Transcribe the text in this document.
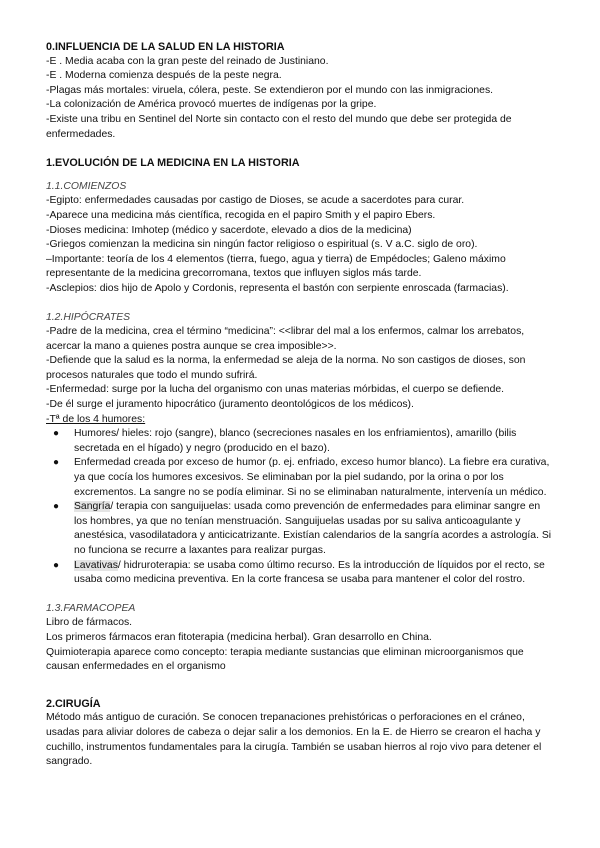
0.INFLUENCIA DE LA SALUD EN LA HISTORIA

-E . Media acaba con la gran peste del reinado de Justiniano.

-E . Moderna comienza después de la peste negra.

-Plagas más mortales: viruela, cólera, peste. Se extendieron por el mundo con las inmigraciones.

-La colonización de América provocó muertes de indígenas por la gripe.

-Existe una tribu en Sentinel del Norte sin contacto con el resto del mundo que debe ser protegida de enfermedades.

1.EVOLUCIÓN DE LA MEDICINA EN LA HISTORIA

1.1.COMIENZOS

-Egipto: enfermedades causadas por castigo de Dioses, se acude a sacerdotes para curar.

-Aparece una medicina más científica, recogida en el papiro Smith y el papiro Ebers.

-Dioses medicina: Imhotep (médico y sacerdote, elevado a dios de la medicina)

-Griegos comienzan la medicina sin ningún factor religioso o espiritual (s. V a.C. siglo de oro).

–Importante: teoría de los 4 elementos (tierra, fuego, agua y tierra) de Empédocles; Galeno máximo representante de la medicina grecorromana, textos que influyen siglos más tarde.

-Asclepios: dios hijo de Apolo y Cordonis, representa el bastón con serpiente enroscada (farmacias).

1.2.HIPÓCRATES

-Padre de la medicina, crea el término “medicina”: <<librar del mal a los enfermos, calmar los arrebatos, acercar la mano a quienes postra aunque se crea imposible>>.

-Defiende que la salud es la norma, la enfermedad se aleja de la norma. No son castigos de dioses, son procesos naturales que todo el mundo sufrirá.

-Enfermedad: surge por la lucha del organismo con unas materias mórbidas, el cuerpo se defiende.

-De él surge el juramento hipocrático (juramento deontológicos de los médicos).

-Tª de los 4 humores:

● Humores/ hieles: rojo (sangre), blanco (secreciones nasales en los enfriamientos), amarillo (bilis secretada en el hígado) y negro (producido en el bazo).
● Enfermedad creada por exceso de humor (p. ej. enfriado, exceso humor blanco). La fiebre era curativa, ya que cocía los humores excesivos. Se eliminaban por la piel sudando, por la orina o por los excrementos. La sangre no se podía eliminar. Si no se eliminaban naturalmente, intervenía un médico.
● Sangría/ terapia con sanguijuelas: usada como prevención de enfermedades para eliminar sangre en los hombres, ya que no tenían menstruación. Sanguijuelas usadas por su saliva anticoagulante y anestésica, vasodilatadora y anticicatrizante. Existían calendarios de la sangría acordes a astrología. Si no funciona se recurre a laxantes para realizar purgas.
● Lavativas/ hidruroterapia: se usaba como último recurso. Es la introducción de líquidos por el recto, se usaba como medicina preventiva. En la corte francesa se usaba para mantener el color del rostro.

1.3.FARMACOPEA

Libro de fármacos.

Los primeros fármacos eran fitoterapia (medicina herbal). Gran desarrollo en China.

Quimioterapia aparece como concepto: terapia mediante sustancias que eliminan microorganismos que causan enfermedades en el organismo

2.CIRUGÍA

Método más antiguo de curación. Se conocen trepanaciones prehistóricas o perforaciones en el cráneo, usadas para aliviar dolores de cabeza o dejar salir a los demonios. En la E. de Hierro se crearon el hacha y cuchillo, instrumentos fundamentales para la cirugía. También se usaban hierros al rojo vivo para detener el sangrado.
